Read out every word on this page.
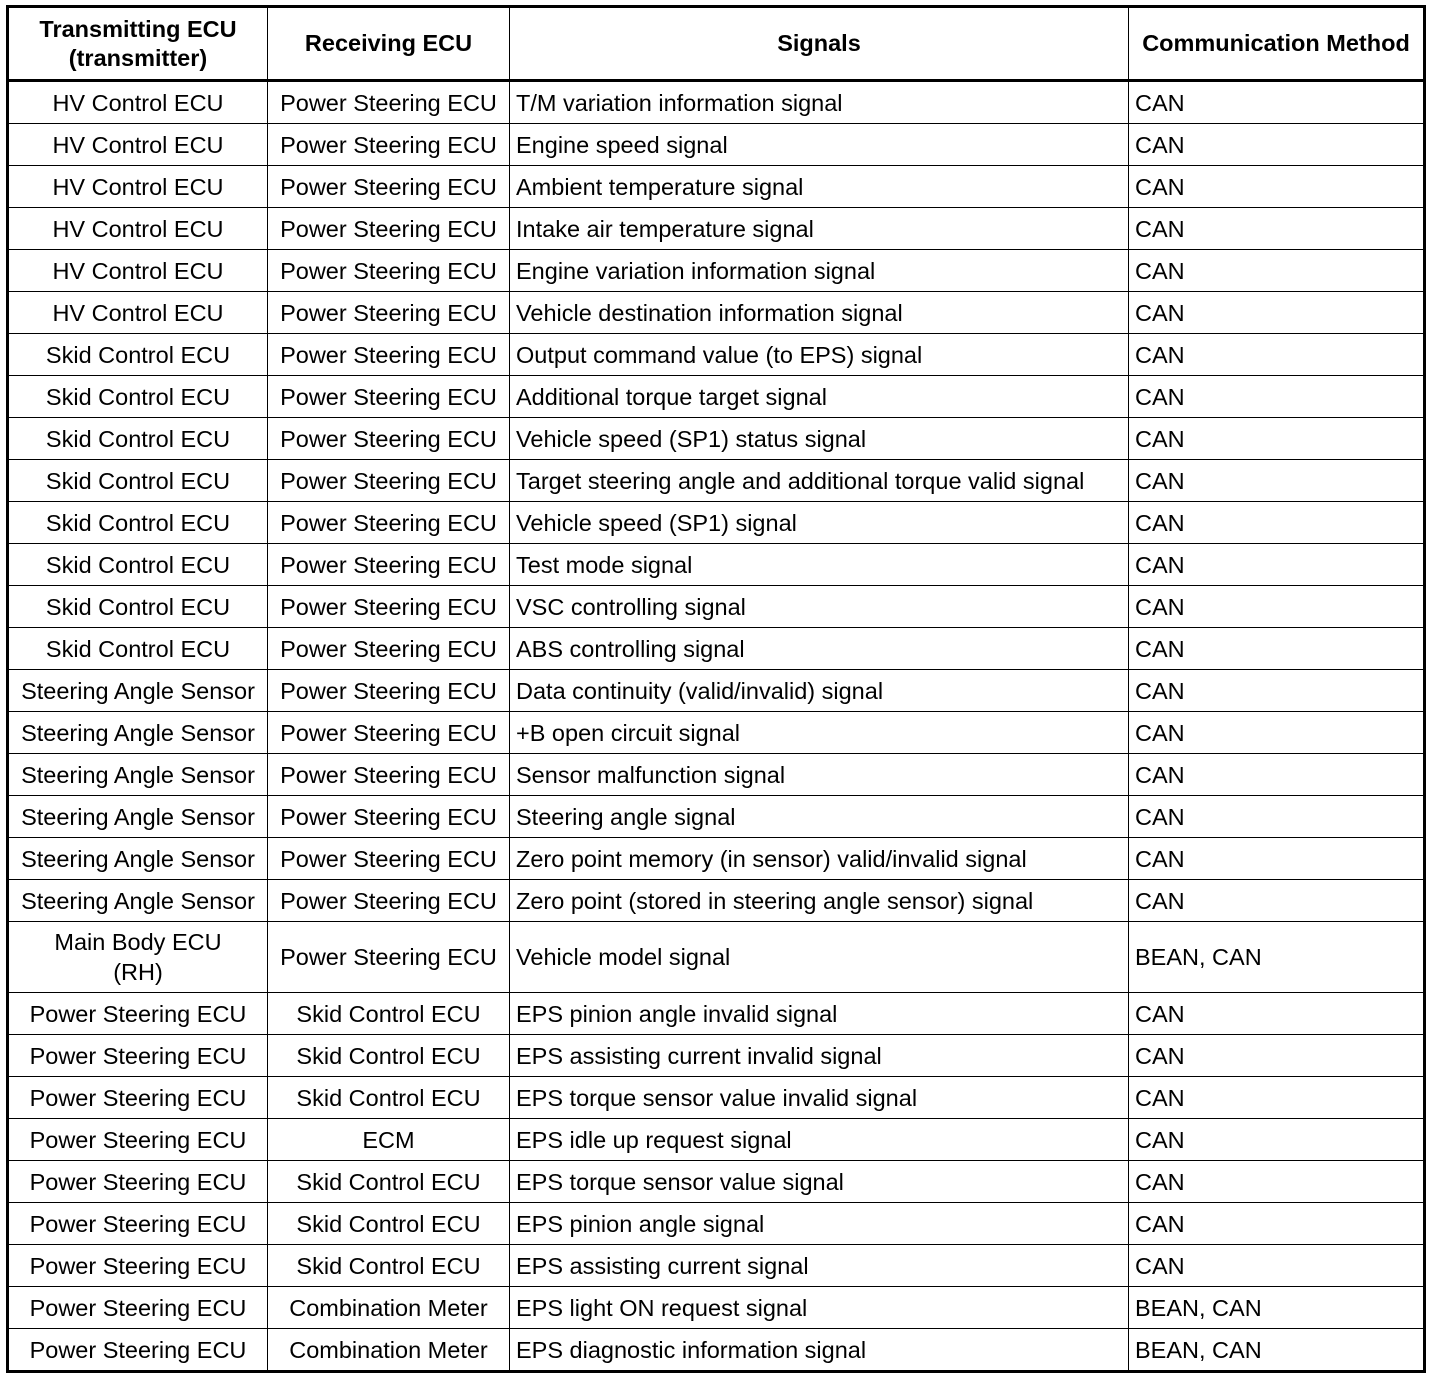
Transmitting ECU
(transmitter)	Receiving ECU	Signals	Communication Method

HV Control ECU	Power Steering ECU	T/M variation information signal	CAN

HV Control ECU	Power Steering ECU	Engine speed signal	CAN

HV Control ECU	Power Steering ECU	Ambient temperature signal	CAN

HV Control ECU	Power Steering ECU	Intake air temperature signal	CAN

HV Control ECU	Power Steering ECU	Engine variation information signal	CAN

HV Control ECU	Power Steering ECU	Vehicle destination information signal	CAN

Skid Control ECU	Power Steering ECU	Output command value (to EPS) signal	CAN

Skid Control ECU	Power Steering ECU	Additional torque target signal	CAN

Skid Control ECU	Power Steering ECU	Vehicle speed (SP1) status signal	CAN

Skid Control ECU	Power Steering ECU	Target steering angle and additional torque valid signal	CAN

Skid Control ECU	Power Steering ECU	Vehicle speed (SP1) signal	CAN

Skid Control ECU	Power Steering ECU	Test mode signal	CAN

Skid Control ECU	Power Steering ECU	VSC controlling signal	CAN

Skid Control ECU	Power Steering ECU	ABS controlling signal	CAN

Steering Angle Sensor	Power Steering ECU	Data continuity (valid/invalid) signal	CAN

Steering Angle Sensor	Power Steering ECU	+B open circuit signal	CAN

Steering Angle Sensor	Power Steering ECU	Sensor malfunction signal	CAN

Steering Angle Sensor	Power Steering ECU	Steering angle signal	CAN

Steering Angle Sensor	Power Steering ECU	Zero point memory (in sensor) valid/invalid signal	CAN

Steering Angle Sensor	Power Steering ECU	Zero point (stored in steering angle sensor) signal	CAN

Main Body ECU
(RH)	Power Steering ECU	Vehicle model signal	BEAN, CAN

Power Steering ECU	Skid Control ECU	EPS pinion angle invalid signal	CAN

Power Steering ECU	Skid Control ECU	EPS assisting current invalid signal	CAN

Power Steering ECU	Skid Control ECU	EPS torque sensor value invalid signal	CAN

Power Steering ECU	ECM	EPS idle up request signal	CAN

Power Steering ECU	Skid Control ECU	EPS torque sensor value signal	CAN

Power Steering ECU	Skid Control ECU	EPS pinion angle signal	CAN

Power Steering ECU	Skid Control ECU	EPS assisting current signal	CAN

Power Steering ECU	Combination Meter	EPS light ON request signal	BEAN, CAN

Power Steering ECU	Combination Meter	EPS diagnostic information signal	BEAN, CAN
